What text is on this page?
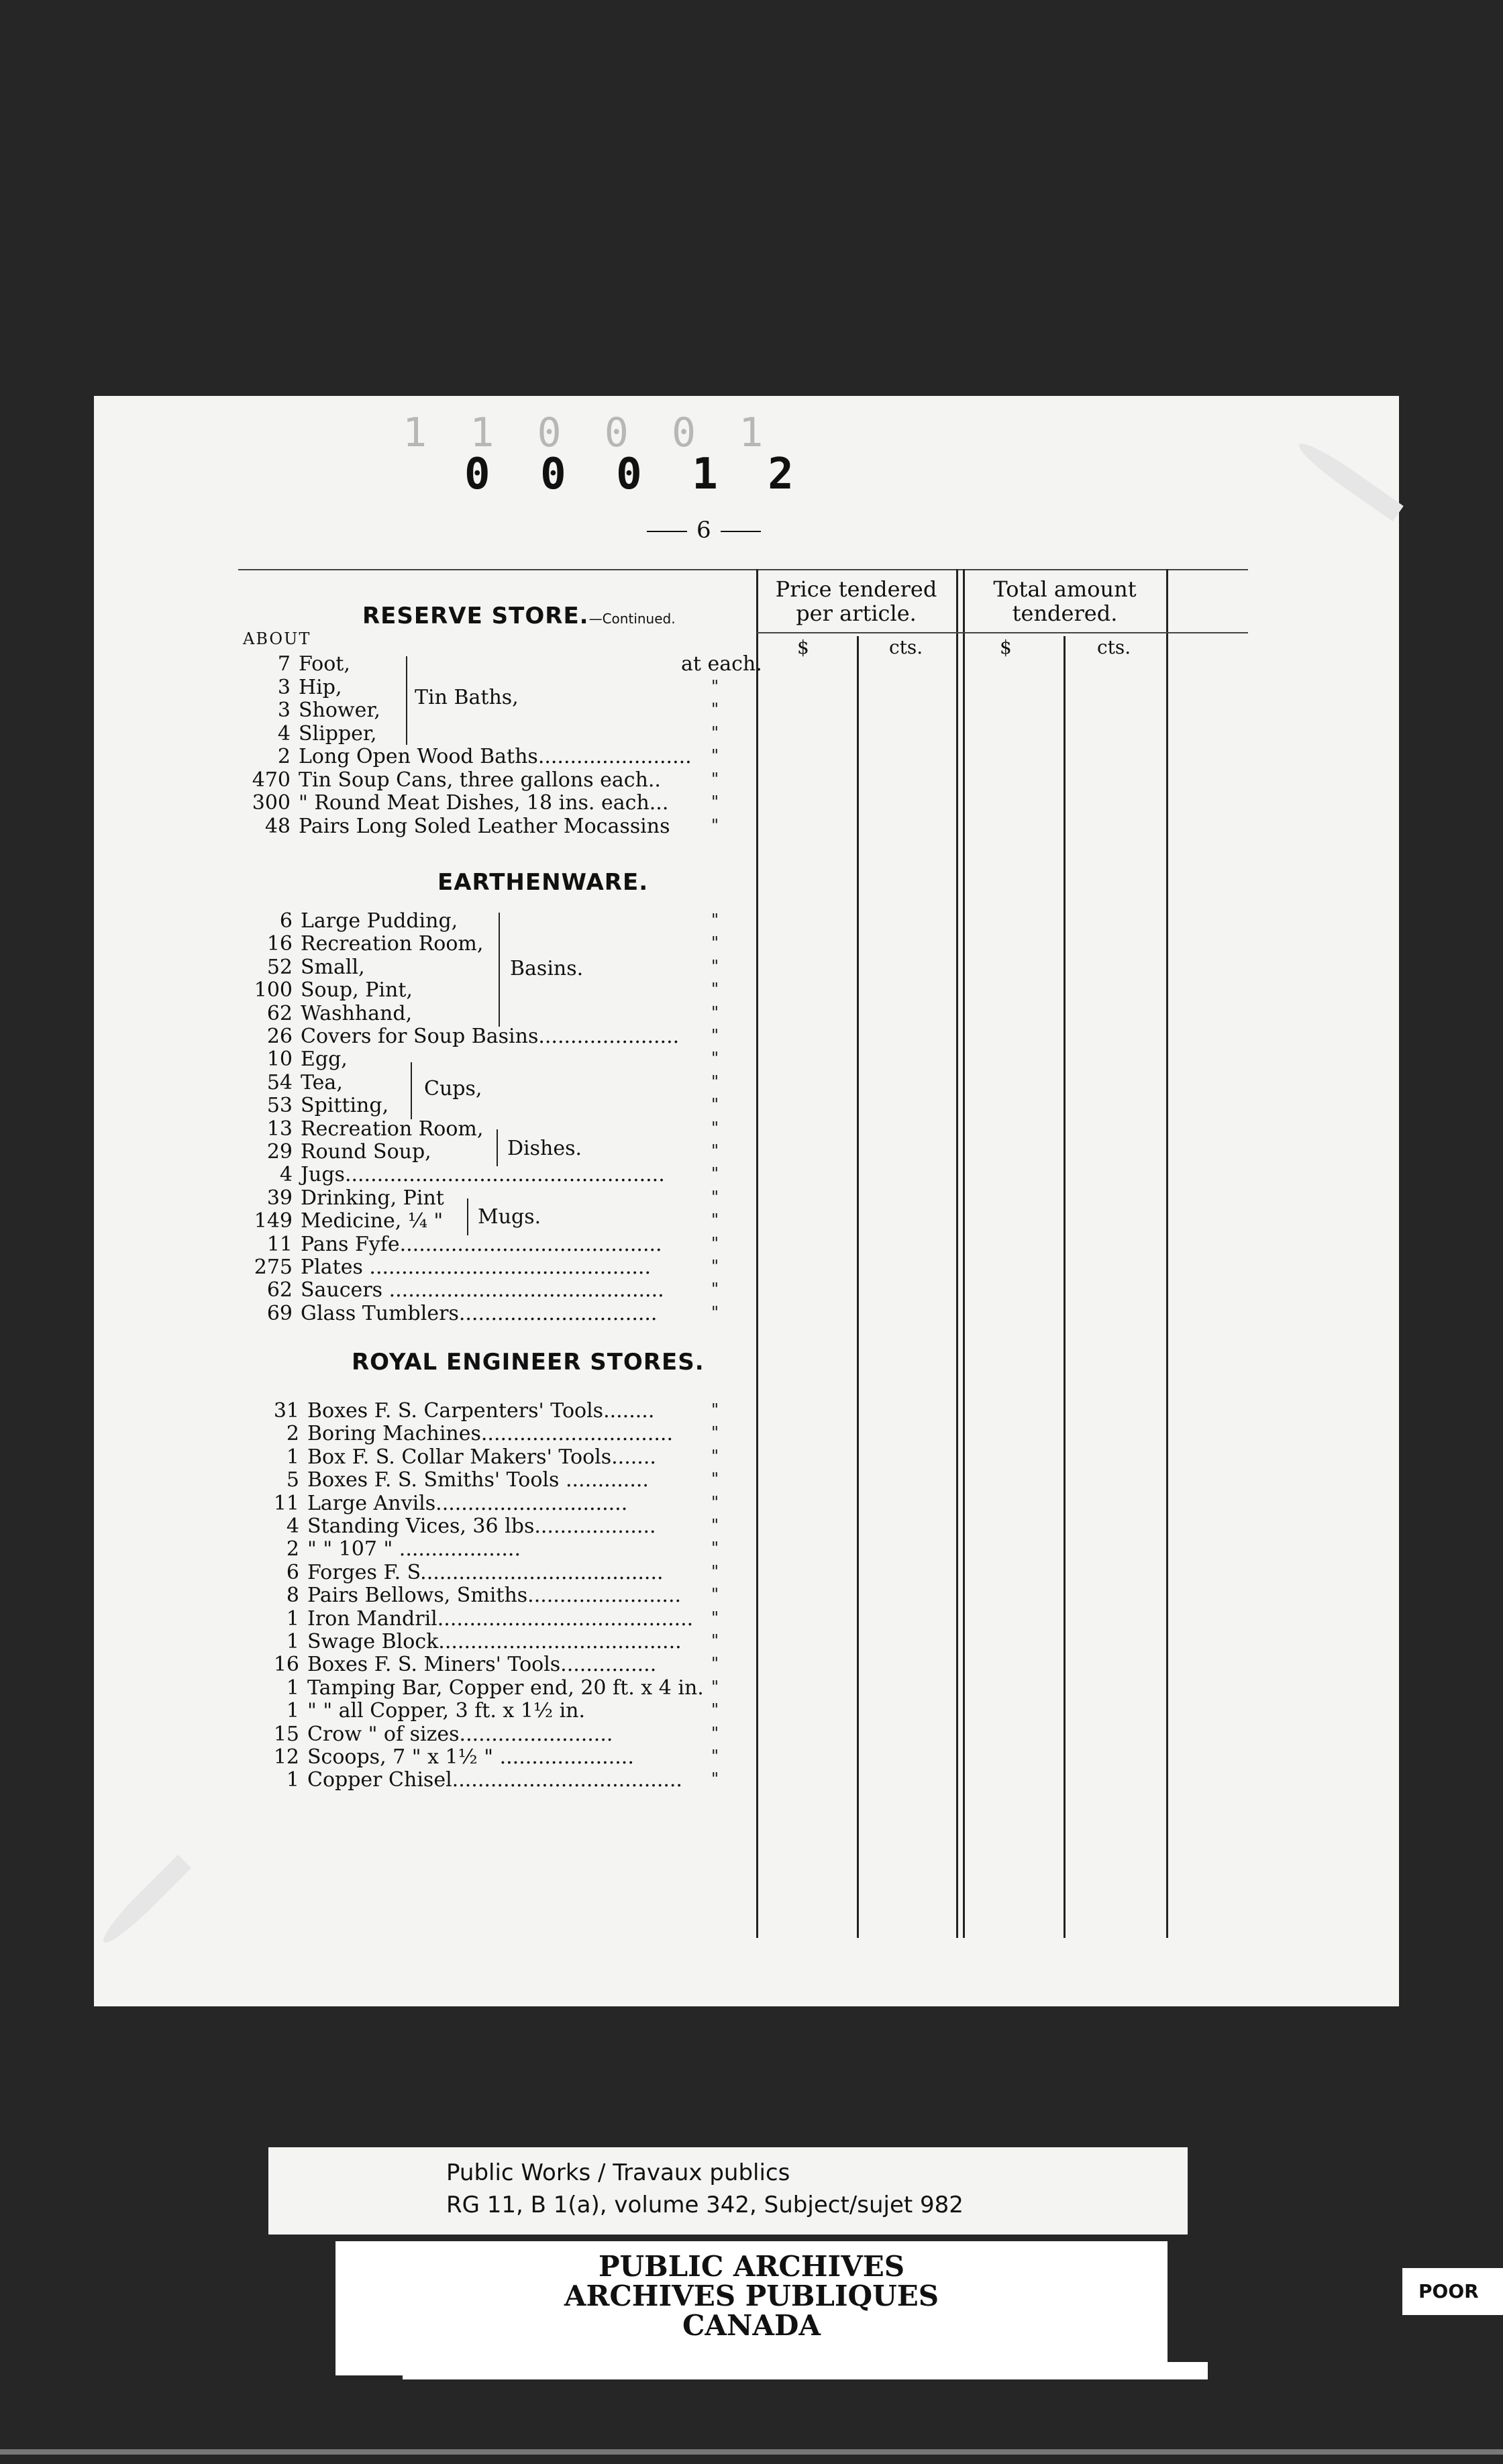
1 1 0 0 0 1
0 0 0 1 2
6
Price tendered
per article.
Total amount
tendered.
$	cts.	$	cts.
RESERVE STORE.—Continued.
ABOUT
at each.
7 Foot,
3 Hip,	"
3 Shower,	"
4 Slipper,	"
2 Long Open Wood Baths........................ "
470 Tin Soup Cans, three gallons each..	"
300 " Round Meat Dishes, 18 ins. each...	"
48 Pairs Long Soled Leather Mocassins	"
Tin Baths,
EARTHENWARE.
6 Large Pudding,	"
16 Recreation Room,	"
52 Small,	"
100 Soup, Pint,	"
62 Washhand,	"
26 Covers for Soup Basins...................... "
10 Egg,	"
54 Tea,	"
53 Spitting,	"
13 Recreation Room,	"
29 Round Soup,	"
4 Jugs..................................................	"
39 Drinking, Pint	"
149 Medicine, ¼ "	"
11 Pans Fyfe.........................................	"
275 Plates ............................................	"
62 Saucers ...........................................	"
69 Glass Tumblers...............................	"
Basins.
Cups,
Dishes.
Mugs.
ROYAL ENGINEER STORES.
31 Boxes F. S. Carpenters' Tools........	"
2 Boring Machines.............................. "
1 Box F. S. Collar Makers' Tools.......	"
5 Boxes F. S. Smiths' Tools .............	"
11 Large Anvils..............................	"
4 Standing Vices, 36 lbs...................	"
2 " " 107 " ...................	"
6 Forges F. S......................................	"
8 Pairs Bellows, Smiths........................ "
1 Iron Mandril........................................ "
1 Swage Block...................................... "
16 Boxes F. S. Miners' Tools...............	"
1 Tamping Bar, Copper end, 20 ft. x 4 in. "
1 " " all Copper, 3 ft. x 1½ in.	"
15 Crow " of sizes........................	"
12 Scoops, 7 " x 1½ " .....................	"
1 Copper Chisel.................................... "
Public Works / Travaux publics
RG 11, B 1(a), volume 342, Subject/sujet 982
PUBLIC ARCHIVES
ARCHIVES PUBLIQUES
CANADA
POOR
